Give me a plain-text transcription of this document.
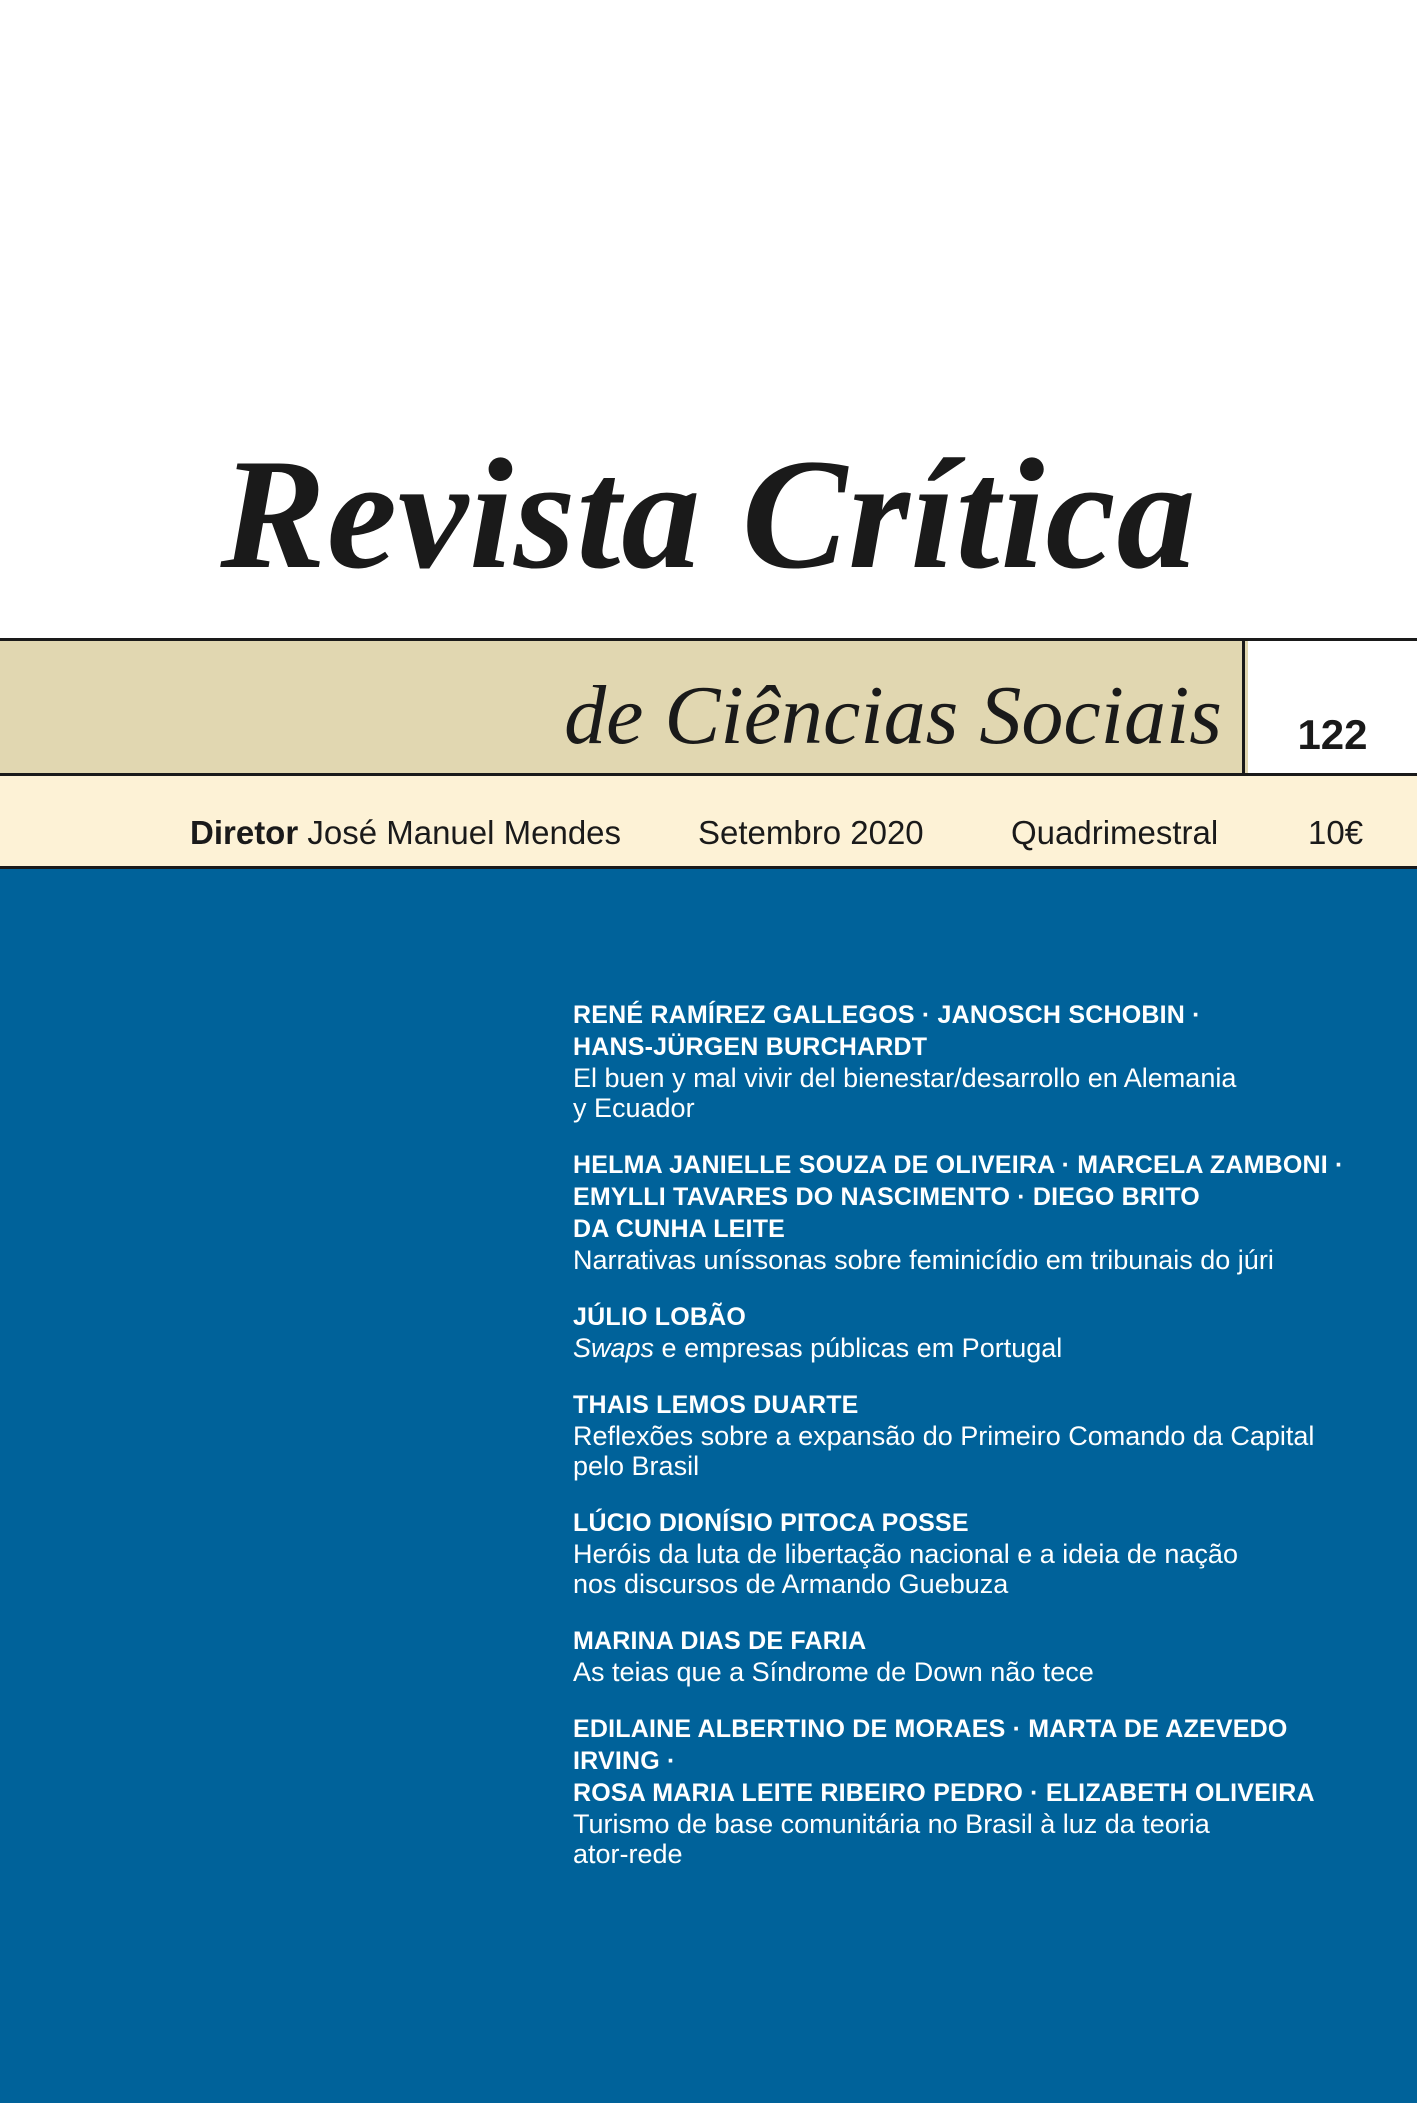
Revista Crítica
de Ciências Sociais	122
Diretor José Manuel Mendes Setembro 2020	Quadrimestral	10€
RENÉ RAMÍREZ GALLEGOS · JANOSCH SCHOBIN ·
HANS-JÜRGEN BURCHARDT
El buen y mal vivir del bienestar/desarrollo en Alemania
y Ecuador
HELMA JANIELLE SOUZA DE OLIVEIRA · MARCELA ZAMBONI ·
EMYLLI TAVARES DO NASCIMENTO · DIEGO BRITO
DA CUNHA LEITE
Narrativas uníssonas sobre feminicídio em tribunais do júri
JÚLIO LOBÃO
Swaps e empresas públicas em Portugal
THAIS LEMOS DUARTE
Reflexões sobre a expansão do Primeiro Comando da Capital
pelo Brasil
LÚCIO DIONÍSIO PITOCA POSSE
Heróis da luta de libertação nacional e a ideia de nação
nos discursos de Armando Guebuza
MARINA DIAS DE FARIA
As teias que a Síndrome de Down não tece
EDILAINE ALBERTINO DE MORAES · MARTA DE AZEVEDO IRVING ·
ROSA MARIA LEITE RIBEIRO PEDRO · ELIZABETH OLIVEIRA
Turismo de base comunitária no Brasil à luz da teoria
ator-rede
